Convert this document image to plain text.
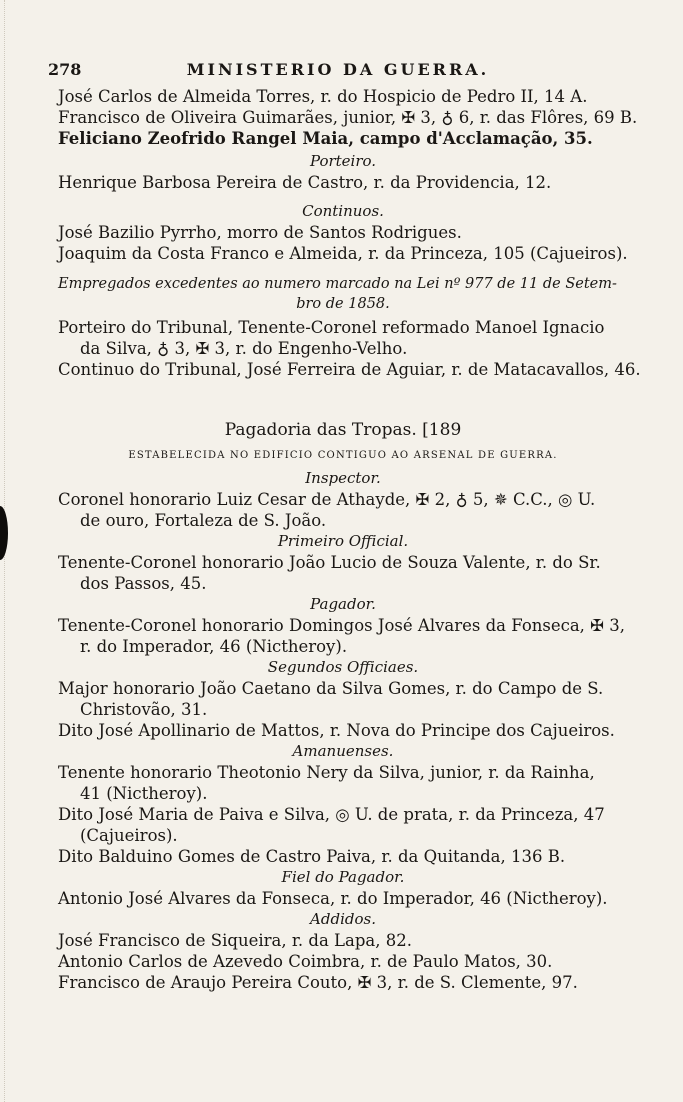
278	MINISTERIO DA GUERRA.
José Carlos de Almeida Torres, r. do Hospicio de Pedro II, 14 A.
Francisco de Oliveira Guimarães, junior, ✠ 3, ♁ 6, r. das Flôres, 69 B.
Feliciano Zeofrido Rangel Maia, campo d'Acclamação, 35.
Porteiro.
Henrique Barbosa Pereira de Castro, r. da Providencia, 12.
Continuos.
José Bazilio Pyrrho, morro de Santos Rodrigues.
Joaquim da Costa Franco e Almeida, r. da Princeza, 105 (Cajueiros).
Empregados excedentes ao numero marcado na Lei nº 977 de 11 de Setem-
bro de 1858.
Porteiro do Tribunal, Tenente-Coronel reformado Manoel Ignacio
da Silva, ♁ 3, ✠ 3, r. do Engenho-Velho.
Continuo do Tribunal, José Ferreira de Aguiar, r. de Matacavallos, 46.
Pagadoria das Tropas. [189
ESTABELECIDA NO EDIFICIO CONTIGUO AO ARSENAL DE GUERRA.
Inspector.
Coronel honorario Luiz Cesar de Athayde, ✠ 2, ♁ 5, ✵ C.C., ◎ U.
de ouro, Fortaleza de S. João.
Primeiro Official.
Tenente-Coronel honorario João Lucio de Souza Valente, r. do Sr.
dos Passos, 45.
Pagador.
Tenente-Coronel honorario Domingos José Alvares da Fonseca, ✠ 3,
r. do Imperador, 46 (Nictheroy).
Segundos Officiaes.
Major honorario João Caetano da Silva Gomes, r. do Campo de S.
Christovão, 31.
Dito José Apollinario de Mattos, r. Nova do Principe dos Cajueiros.
Amanuenses.
Tenente honorario Theotonio Nery da Silva, junior, r. da Rainha,
41 (Nictheroy).
Dito José Maria de Paiva e Silva, ◎ U. de prata, r. da Princeza, 47
(Cajueiros).
Dito Balduino Gomes de Castro Paiva, r. da Quitanda, 136 B.
Fiel do Pagador.
Antonio José Alvares da Fonseca, r. do Imperador, 46 (Nictheroy).
Addidos.
José Francisco de Siqueira, r. da Lapa, 82.
Antonio Carlos de Azevedo Coimbra, r. de Paulo Matos, 30.
Francisco de Araujo Pereira Couto, ✠ 3, r. de S. Clemente, 97.
